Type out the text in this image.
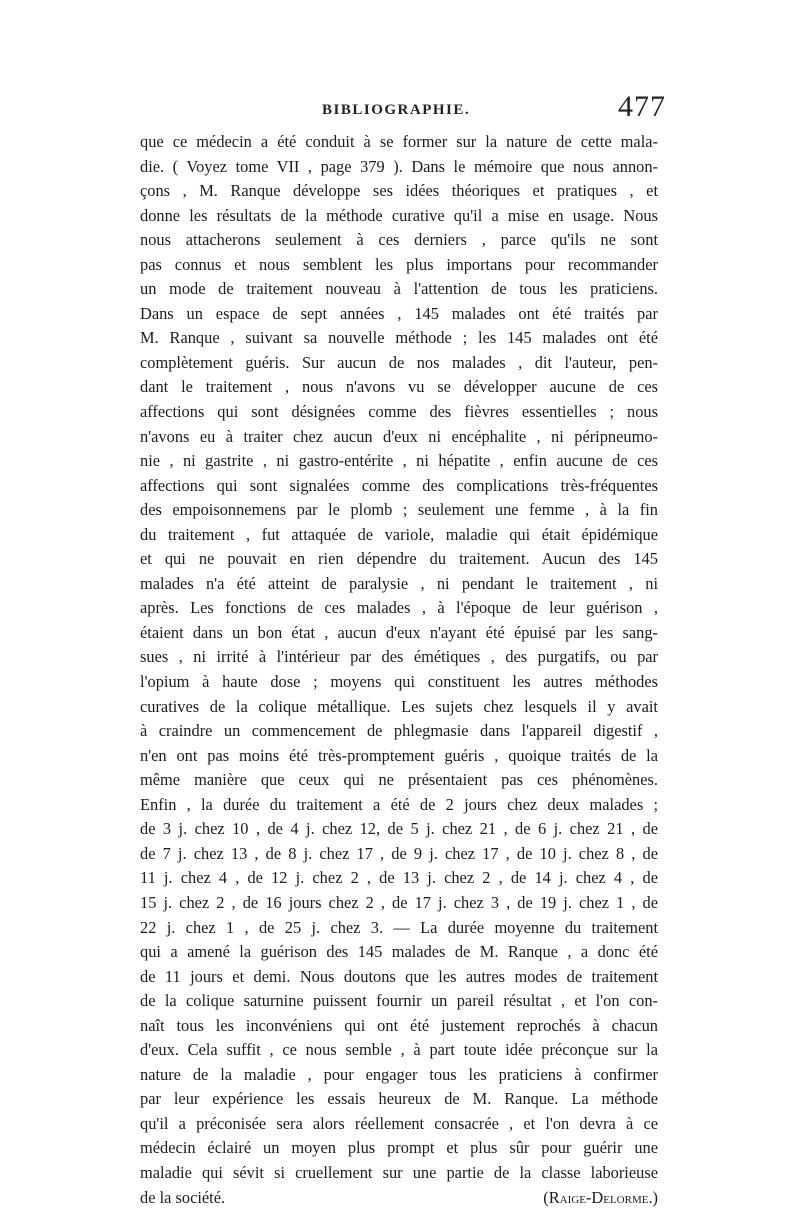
BIBLIOGRAPHIE.	477
que ce médecin a été conduit à se former sur la nature de cette mala-
die. ( Voyez tome VII , page 379 ). Dans le mémoire que nous annon-
çons , M. Ranque développe ses idées théoriques et pratiques , et
donne les résultats de la méthode curative qu'il a mise en usage. Nous
nous attacherons seulement à ces derniers , parce qu'ils ne sont
pas connus et nous semblent les plus importans pour recommander
un mode de traitement nouveau à l'attention de tous les praticiens.
Dans un espace de sept années , 145 malades ont été traités par
M. Ranque , suivant sa nouvelle méthode ; les 145 malades ont été
complètement guéris. Sur aucun de nos malades , dit l'auteur, pen-
dant le traitement , nous n'avons vu se développer aucune de ces
affections qui sont désignées comme des fièvres essentielles ; nous
n'avons eu à traiter chez aucun d'eux ni encéphalite , ni péripneumo-
nie , ni gastrite , ni gastro-entérite , ni hépatite , enfin aucune de ces
affections qui sont signalées comme des complications très-fréquentes
des empoisonnemens par le plomb ; seulement une femme , à la fin
du traitement , fut attaquée de variole, maladie qui était épidémique
et qui ne pouvait en rien dépendre du traitement. Aucun des 145
malades n'a été atteint de paralysie , ni pendant le traitement , ni
après. Les fonctions de ces malades , à l'époque de leur guérison ,
étaient dans un bon état , aucun d'eux n'ayant été épuisé par les sang-
sues , ni irrité à l'intérieur par des émétiques , des purgatifs, ou par
l'opium à haute dose ; moyens qui constituent les autres méthodes
curatives de la colique métallique. Les sujets chez lesquels il y avait
à craindre un commencement de phlegmasie dans l'appareil digestif ,
n'en ont pas moins été très-promptement guéris , quoique traités de la
même manière que ceux qui ne présentaient pas ces phénomènes.
Enfin , la durée du traitement a été de 2 jours chez deux malades ;
de 3 j. chez 10 , de 4 j. chez 12, de 5 j. chez 21 , de 6 j. chez 21 , de
de 7 j. chez 13 , de 8 j. chez 17 , de 9 j. chez 17 , de 10 j. chez 8 , de
11 j. chez 4 , de 12 j. chez 2 , de 13 j. chez 2 , de 14 j. chez 4 , de
15 j. chez 2 , de 16 jours chez 2 , de 17 j. chez 3 , de 19 j. chez 1 , de
22 j. chez 1 , de 25 j. chez 3. — La durée moyenne du traitement
qui a amené la guérison des 145 malades de M. Ranque , a donc été
de 11 jours et demi. Nous doutons que les autres modes de traitement
de la colique saturnine puissent fournir un pareil résultat , et l'on con-
naît tous les inconvéniens qui ont été justement reprochés à chacun
d'eux. Cela suffit , ce nous semble , à part toute idée préconçue sur la
nature de la maladie , pour engager tous les praticiens à confirmer
par leur expérience les essais heureux de M. Ranque. La méthode
qu'il a préconisée sera alors réellement consacrée , et l'on devra à ce
médecin éclairé un moyen plus prompt et plus sûr pour guérir une
maladie qui sévit si cruellement sur une partie de la classe laborieuse
de la société.	(Raige-Delorme.)
